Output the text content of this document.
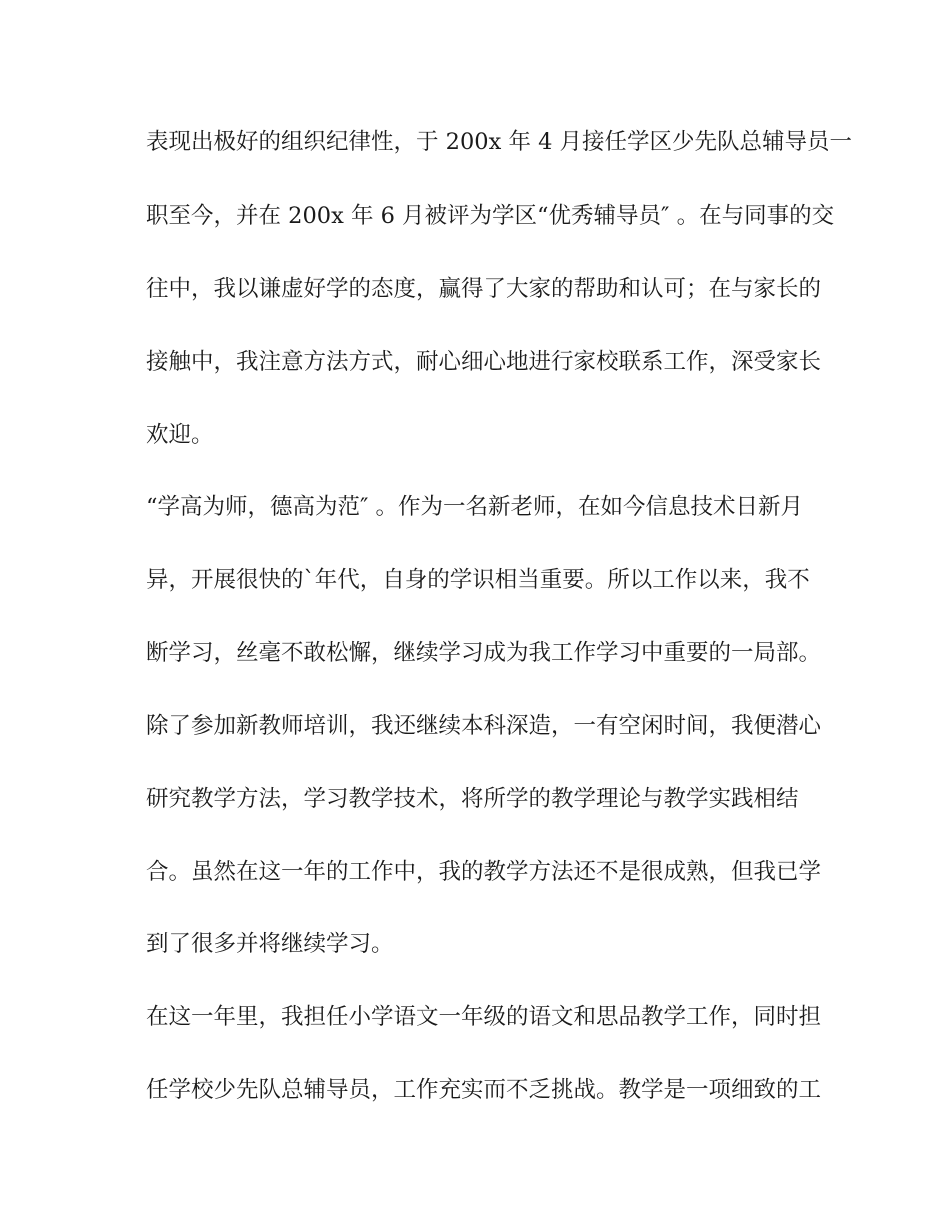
表现出极好的组织纪律性，于 200x 年 4 月接任学区少先队总辅导员一

职至今，并在 200x 年 6 月被评为学区“优秀辅导员″ 。在与同事的交

往中，我以谦虚好学的态度，赢得了大家的帮助和认可；在与家长的

接触中，我注意方法方式，耐心细心地进行家校联系工作，深受家长

欢迎。

“学高为师，德高为范″ 。作为一名新老师，在如今信息技术日新月

异，开展很快的`年代，自身的学识相当重要。所以工作以来，我不

断学习，丝毫不敢松懈，继续学习成为我工作学习中重要的一局部。

除了参加新教师培训，我还继续本科深造，一有空闲时间，我便潜心

研究教学方法，学习教学技术，将所学的教学理论与教学实践相结

合。虽然在这一年的工作中，我的教学方法还不是很成熟，但我已学

到了很多并将继续学习。

在这一年里，我担任小学语文一年级的语文和思品教学工作，同时担

任学校少先队总辅导员，工作充实而不乏挑战。教学是一项细致的工
